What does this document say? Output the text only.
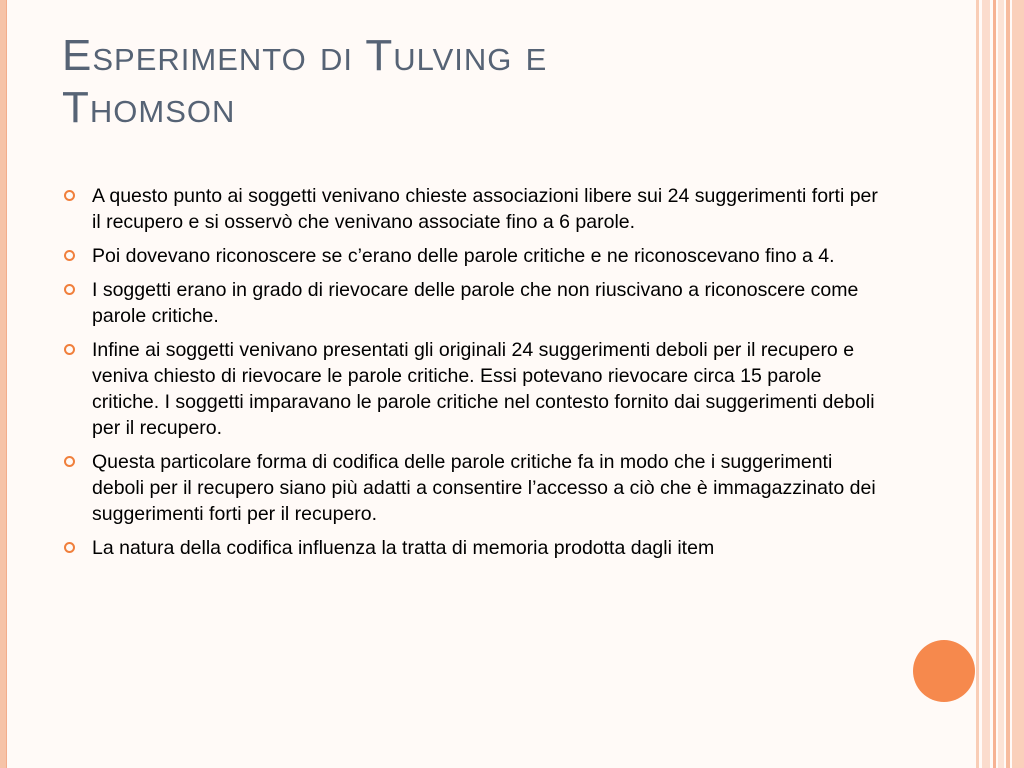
Esperimento di Tulving e
Thomson
A questo punto ai soggetti venivano chieste associazioni libere sui 24 suggerimenti forti per il recupero e si osservò che venivano associate fino a 6 parole.
Poi dovevano riconoscere se c’erano delle parole critiche e ne riconoscevano fino a 4.
I soggetti erano in grado di rievocare delle parole che non riuscivano a riconoscere come parole critiche.
Infine ai soggetti venivano presentati gli originali 24 suggerimenti deboli per il recupero e veniva chiesto di rievocare le parole critiche. Essi potevano rievocare circa 15 parole critiche. I soggetti imparavano le parole critiche nel contesto fornito dai suggerimenti deboli per il recupero.
Questa particolare forma di codifica delle parole critiche fa in modo che i suggerimenti deboli per il recupero siano più adatti a consentire l’accesso a ciò che è immagazzinato dei suggerimenti forti per il recupero.
La natura della codifica influenza la tratta di memoria prodotta dagli item
